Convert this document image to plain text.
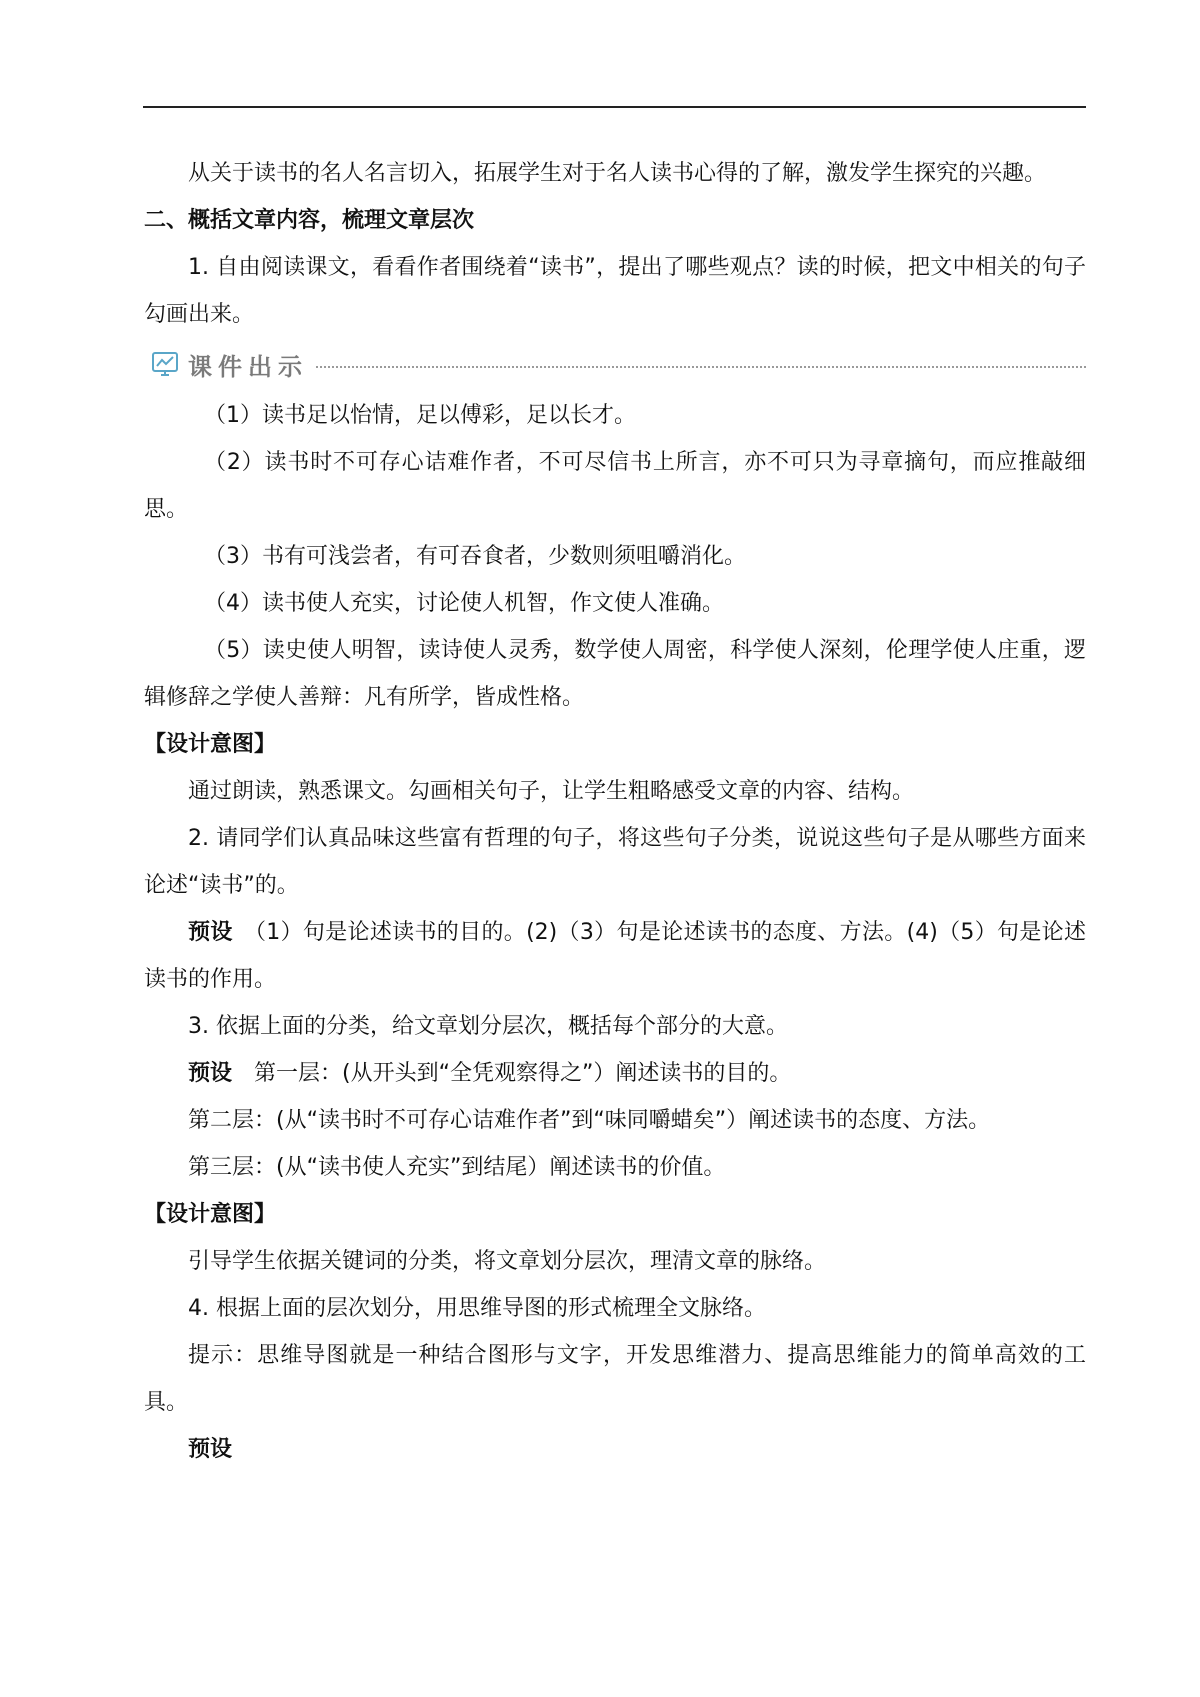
从关于读书的名人名言切入，拓展学生对于名人读书心得的了解，激发学生探究的兴趣。

二、概括文章内容，梳理文章层次

1. 自由阅读课文，看看作者围绕着“读书”，提出了哪些观点？读的时候，把文中相关的句子勾画出来。

课件出示

（1）读书足以怡情，足以傅彩，足以长才。

（2）读书时不可存心诘难作者，不可尽信书上所言，亦不可只为寻章摘句，而应推敲细思。

（3）书有可浅尝者，有可吞食者，少数则须咀嚼消化。

（4）读书使人充实，讨论使人机智，作文使人准确。

（5）读史使人明智，读诗使人灵秀，数学使人周密，科学使人深刻，伦理学使人庄重，逻辑修辞之学使人善辩：凡有所学，皆成性格。

【设计意图】

通过朗读，熟悉课文。勾画相关句子，让学生粗略感受文章的内容、结构。

2. 请同学们认真品味这些富有哲理的句子，将这些句子分类，说说这些句子是从哪些方面来论述“读书”的。

预设　 （1）句是论述读书的目的。(2)（3）句是论述读书的态度、方法。(4)（5）句是论述读书的作用。

3. 依据上面的分类，给文章划分层次，概括每个部分的大意。

预设　 第一层：(从开头到“全凭观察得之”）阐述读书的目的。

第二层：(从“读书时不可存心诘难作者”到“味同嚼蜡矣”）阐述读书的态度、方法。

第三层：(从“读书使人充实”到结尾）阐述读书的价值。

【设计意图】

引导学生依据关键词的分类，将文章划分层次，理清文章的脉络。

4. 根据上面的层次划分，用思维导图的形式梳理全文脉络。

提示：思维导图就是一种结合图形与文字，开发思维潜力、提高思维能力的简单高效的工具。

预设
